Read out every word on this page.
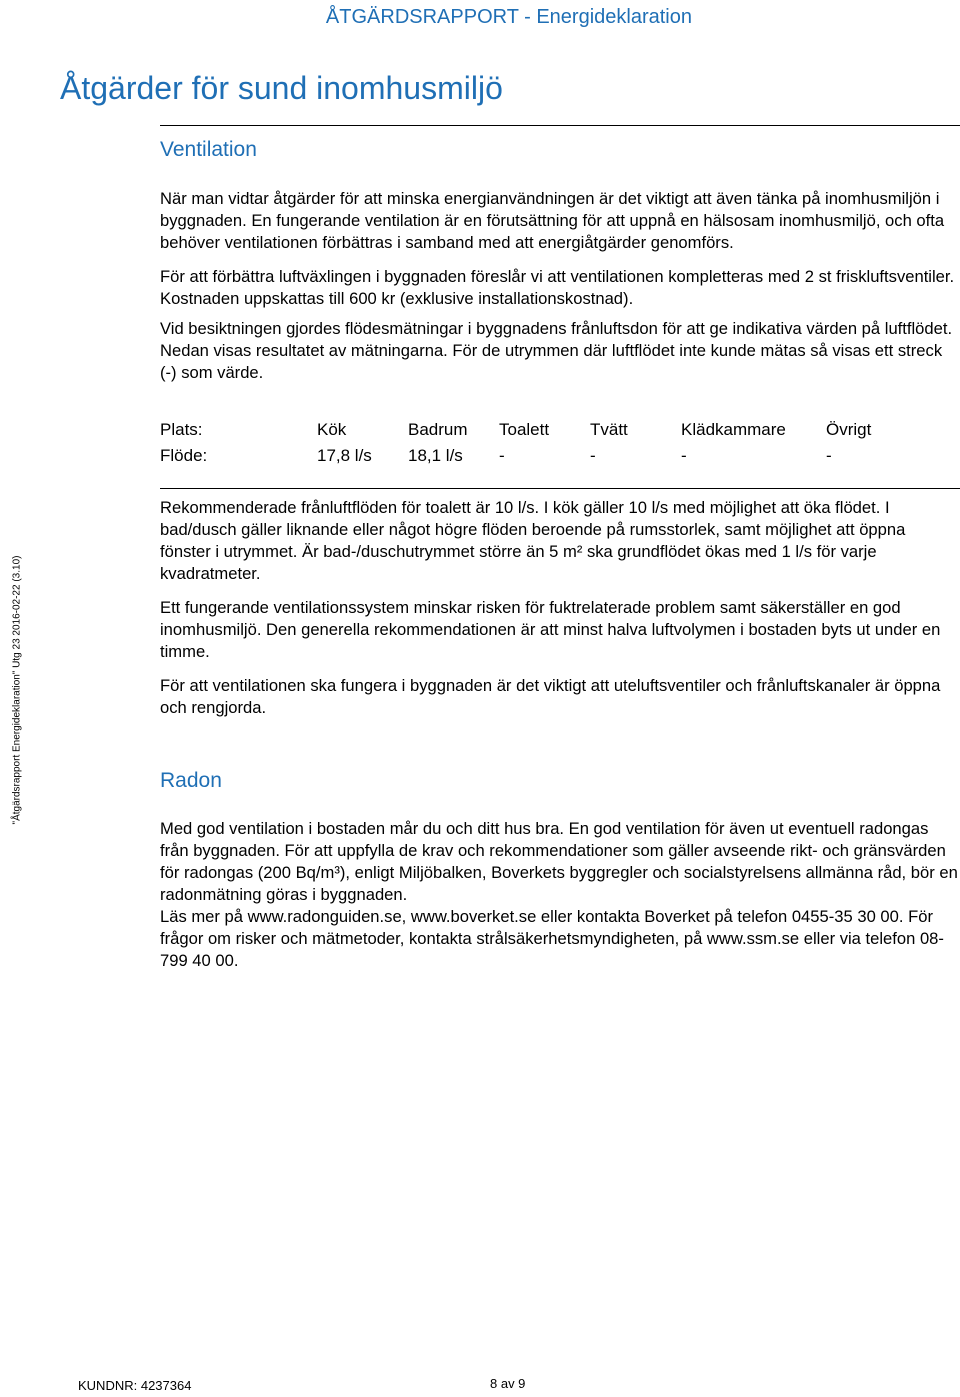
ÅTGÄRDSRAPPORT - Energideklaration
Åtgärder för sund inomhusmiljö
Ventilation

När man vidtar åtgärder för att minska energianvändningen är det viktigt att även tänka på inomhusmiljön i byggnaden. En fungerande ventilation är en förutsättning för att uppnå en hälsosam inomhusmiljö, och ofta behöver ventilationen förbättras i samband med att energiåtgärder genomförs.

För att förbättra luftväxlingen i byggnaden föreslår vi att ventilationen kompletteras med 2 st friskluftsventiler. Kostnaden uppskattas till 600 kr (exklusive installationskostnad).

Vid besiktningen gjordes flödesmätningar i byggnadens frånluftsdon för att ge indikativa värden på luftflödet. Nedan visas resultatet av mätningarna. För de utrymmen där luftflödet inte kunde mätas så visas ett streck (-) som värde.

Plats:	Kök	Badrum	Toalett	Tvätt	Klädkammare	Övrigt
Flöde:	17,8 l/s	18,1 l/s	-	-	-	-

Rekommenderade frånluftflöden för toalett är 10 l/s. I kök gäller 10 l/s med möjlighet att öka flödet. I bad/dusch gäller liknande eller något högre flöden beroende på rumsstorlek, samt möjlighet att öppna fönster i utrymmet. Är bad-/duschutrymmet större än 5 m² ska grundflödet ökas med 1 l/s för varje kvadratmeter.

Ett fungerande ventilationssystem minskar risken för fuktrelaterade problem samt säkerställer en god inomhusmiljö. Den generella rekommendationen är att minst halva luftvolymen i bostaden byts ut under en timme.

För att ventilationen ska fungera i byggnaden är det viktigt att uteluftsventiler och frånluftskanaler är öppna och rengjorda.

Radon

Med god ventilation i bostaden mår du och ditt hus bra. En god ventilation för även ut eventuell radongas från byggnaden. För att uppfylla de krav och rekommendationer som gäller avseende rikt- och gränsvärden för radongas (200 Bq/m³), enligt Miljöbalken, Boverkets byggregler och socialstyrelsens allmänna råd, bör en radonmätning göras i byggnaden.

Läs mer på www.radonguiden.se, www.boverket.se eller kontakta Boverket på telefon 0455-35 30 00. För frågor om risker och mätmetoder, kontakta strålsäkerhetsmyndigheten, på www.ssm.se eller via telefon 08-799 40 00.

"Åtgärdsrapport Energideklaration" Utg 23 2016-02-22 (3.10)
KUNDNR: 4237364	8 av 9
